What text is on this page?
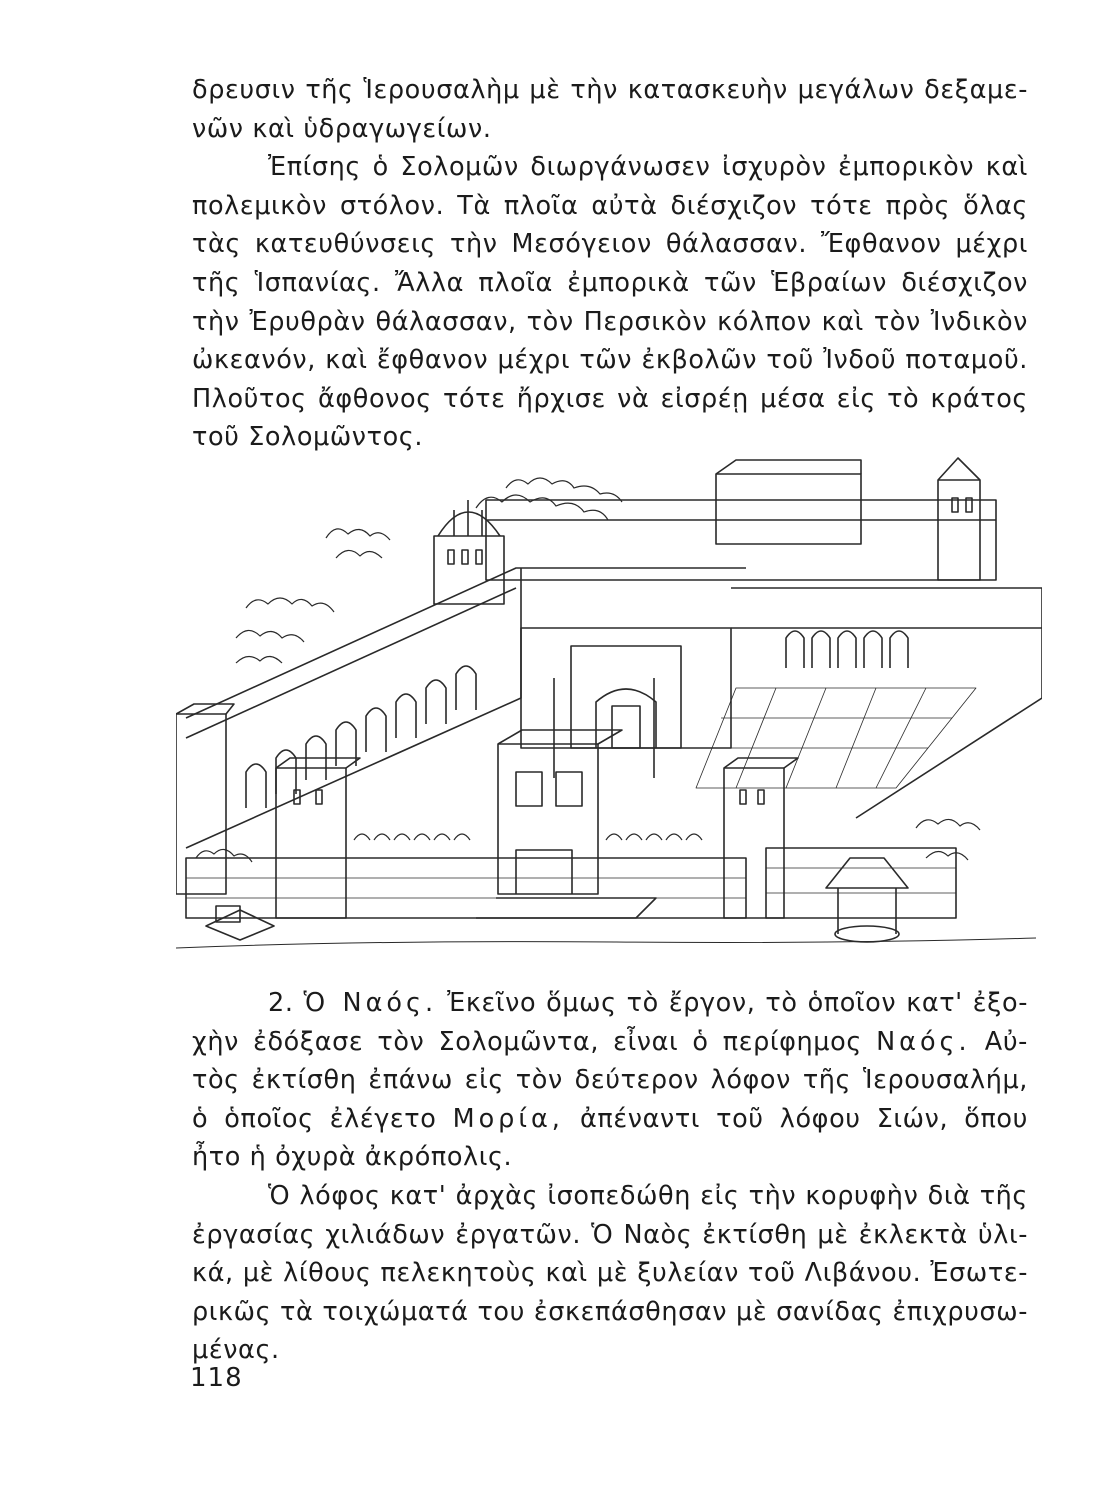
δρευσιν τῆς Ἱερουσαλὴμ μὲ τὴν κατασκευὴν μεγάλων δεξαμε-
νῶν καὶ ὑδραγωγείων.

Ἐπίσης ὁ Σολομῶν διωργάνωσεν ἰσχυρὸν ἐμπορικὸν καὶ
πολεμικὸν στόλον. Τὰ πλοῖα αὐτὰ διέσχιζον τότε πρὸς ὅλας
τὰς κατευθύνσεις τὴν Μεσόγειον θάλασσαν. Ἔφθανον μέχρι
τῆς Ἱσπανίας. Ἄλλα πλοῖα ἐμπορικὰ τῶν Ἑβραίων διέσχιζον
τὴν Ἐρυθρὰν θάλασσαν, τὸν Περσικὸν κόλπον καὶ τὸν Ἰνδικὸν
ὠκεανόν, καὶ ἔφθανον μέχρι τῶν ἐκβολῶν τοῦ Ἰνδοῦ ποταμοῦ.
Πλοῦτος ἄφθονος τότε ἤρχισε νὰ εἰσρέῃ μέσα εἰς τὸ κράτος
τοῦ Σολομῶντος.

2. Ὁ Ναός. Ἐκεῖνο ὅμως τὸ ἔργον, τὸ ὁποῖον κατ' ἐξο-

χὴν ἐδόξασε τὸν Σολομῶντα, εἶναι ὁ περίφημος Ναός. Αὐ-
τὸς ἐκτίσθη ἐπάνω εἰς τὸν δεύτερον λόφον τῆς Ἱερουσαλήμ,
ὁ ὁποῖος ἐλέγετο Μορία, ἀπέναντι τοῦ λόφου Σιών, ὅπου
ἦτο ἡ ὀχυρὰ ἀκρόπολις.

Ὁ λόφος κατ' ἀρχὰς ἰσοπεδώθη εἰς τὴν κορυφὴν διὰ τῆς
ἐργασίας χιλιάδων ἐργατῶν. Ὁ Ναὸς ἐκτίσθη μὲ ἐκλεκτὰ ὑλι-
κά, μὲ λίθους πελεκητοὺς καὶ μὲ ξυλείαν τοῦ Λιβάνου. Ἐσωτε-
ρικῶς τὰ τοιχώματά του ἐσκεπάσθησαν μὲ σανίδας ἐπιχρυσω-
μένας.

118
